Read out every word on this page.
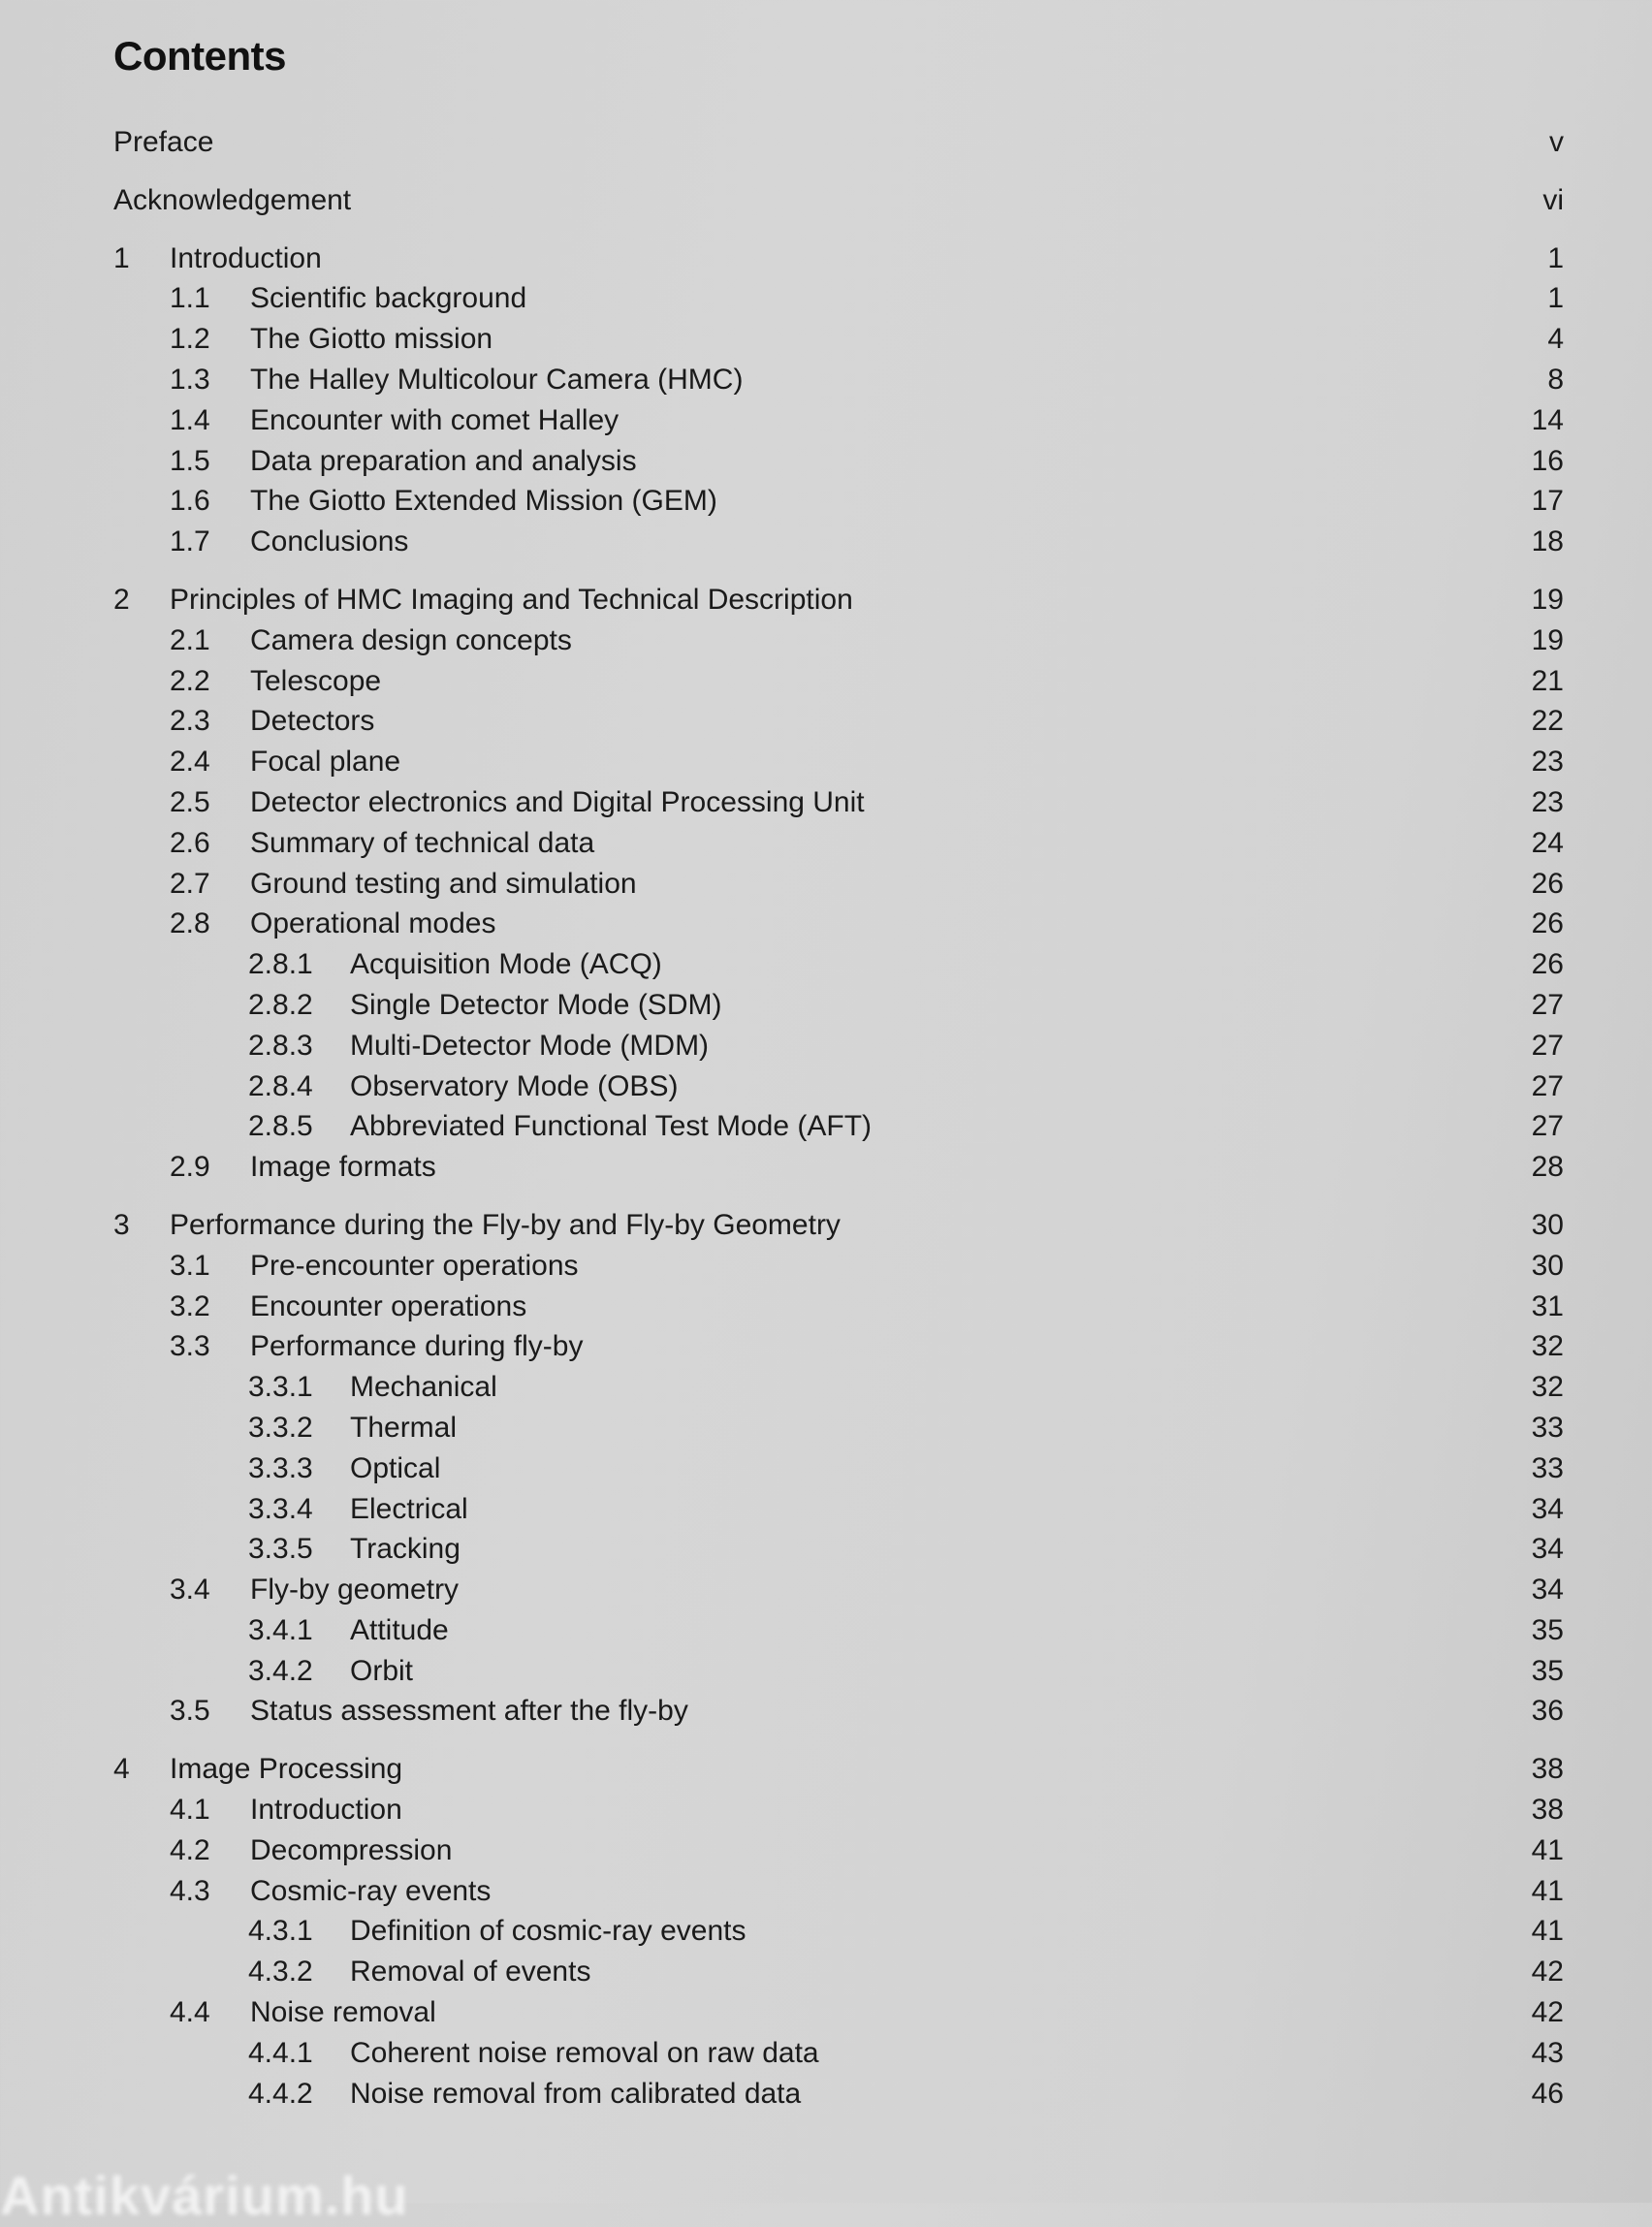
Contents
Preface	v
Acknowledgement	vi
1 Introduction	1
1.1 Scientific background	1
1.2 The Giotto mission	4
1.3 The Halley Multicolour Camera (HMC)	8
1.4 Encounter with comet Halley	14
1.5 Data preparation and analysis	16
1.6 The Giotto Extended Mission (GEM)	17
1.7 Conclusions	18
2 Principles of HMC Imaging and Technical Description	19
2.1 Camera design concepts	19
2.2 Telescope	21
2.3 Detectors	22
2.4 Focal plane	23
2.5 Detector electronics and Digital Processing Unit	23
2.6 Summary of technical data	24
2.7 Ground testing and simulation	26
2.8 Operational modes	26
2.8.1 Acquisition Mode (ACQ)	26
2.8.2 Single Detector Mode (SDM)	27
2.8.3 Multi-Detector Mode (MDM)	27
2.8.4 Observatory Mode (OBS)	27
2.8.5 Abbreviated Functional Test Mode (AFT)	27
2.9 Image formats	28
3 Performance during the Fly-by and Fly-by Geometry	30
3.1 Pre-encounter operations	30
3.2 Encounter operations	31
3.3 Performance during fly-by	32
3.3.1 Mechanical	32
3.3.2 Thermal	33
3.3.3 Optical	33
3.3.4 Electrical	34
3.3.5 Tracking	34
3.4 Fly-by geometry	34
3.4.1 Attitude	35
3.4.2 Orbit	35
3.5 Status assessment after the fly-by	36
4 Image Processing	38
4.1 Introduction	38
4.2 Decompression	41
4.3 Cosmic-ray events	41
4.3.1 Definition of cosmic-ray events	41
4.3.2 Removal of events	42
4.4 Noise removal	42
4.4.1 Coherent noise removal on raw data	43
4.4.2 Noise removal from calibrated data	46
Antikvárium.hu
